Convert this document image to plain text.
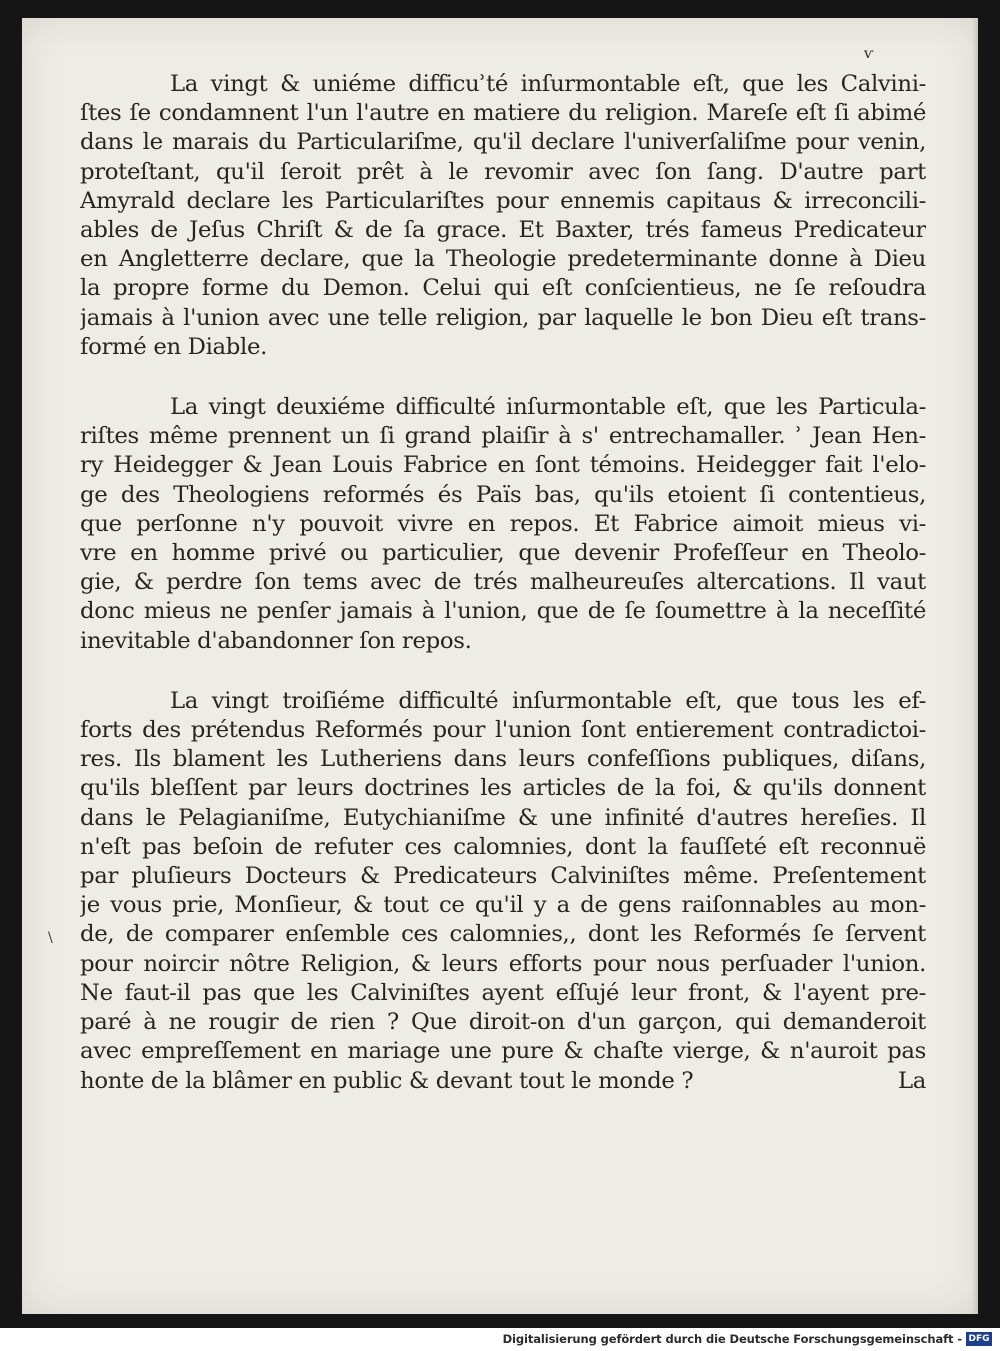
ⱱ
\

La vingt & uniéme difficuʾté inſurmontable eſt, que les Calvini-
ſtes ſe condamnent l'un l'autre en matiere du religion. Mareſe eſt ſi abimé
dans le marais du Particulariſme, qu'il declare l'univerſaliſme pour venin,
proteſtant, qu'il ſeroit prêt à le revomir avec ſon ſang. D'autre part
Amyrald declare les Particulariſtes pour ennemis capitaus & irreconcili-
ables de Jeſus Chriſt & de ſa grace. Et Baxter, trés fameus Predicateur
en Angletterre declare, que la Theologie predeterminante donne à Dieu
la propre forme du Demon. Celui qui eſt conſcientieus, ne ſe reſoudra
jamais à l'union avec une telle religion, par laquelle le bon Dieu eſt trans-
formé en Diable.

La vingt deuxiéme difficulté inſurmontable eſt, que les Particula-
riſtes même prennent un ſi grand plaiſir à s' entrechamaller. ʾ Jean Hen-
ry Heidegger & Jean Louis Fabrice en ſont témoins. Heidegger fait l'elo-
ge des Theologiens reformés és Païs bas, qu'ils etoient ſi contentieus,
que perſonne n'y pouvoit vivre en repos. Et Fabrice aimoit mieus vi-
vre en homme privé ou particulier, que devenir Profeſſeur en Theolo-
gie, & perdre ſon tems avec de trés malheureuſes altercations. Il vaut
donc mieus ne penſer jamais à l'union, que de ſe ſoumettre à la neceſſité
inevitable d'abandonner ſon repos.

La vingt troiſiéme difficulté inſurmontable eſt, que tous les ef-
forts des prétendus Reformés pour l'union ſont entierement contradictoi-
res. Ils blament les Lutheriens dans leurs confeſſions publiques, diſans,
qu'ils bleſſent par leurs doctrines les articles de la foi, & qu'ils donnent
dans le Pelagianiſme, Eutychianiſme & une infinité d'autres hereſies. Il
n'eſt pas beſoin de refuter ces calomnies, dont la fauſſeté eſt reconnuë
par pluſieurs Docteurs & Predicateurs Calviniſtes même. Preſentement
je vous prie, Monſieur, & tout ce qu'il y a de gens raiſonnables au mon-
de, de comparer enſemble ces calomnies,, dont les Reformés ſe ſervent
pour noircir nôtre Religion, & leurs efforts pour nous perſuader l'union.
Ne faut-il pas que les Calviniſtes ayent eſſujé leur front, & l'ayent pre-
paré à ne rougir de rien ? Que diroit-on d'un garçon, qui demanderoit
avec empreſſement en mariage une pure & chaſte vierge, & n'auroit pas
honte de la blâmer en public & devant tout le monde ?	La

Digitalisierung gefördert durch die Deutsche Forschungsgemeinschaft - DFG
